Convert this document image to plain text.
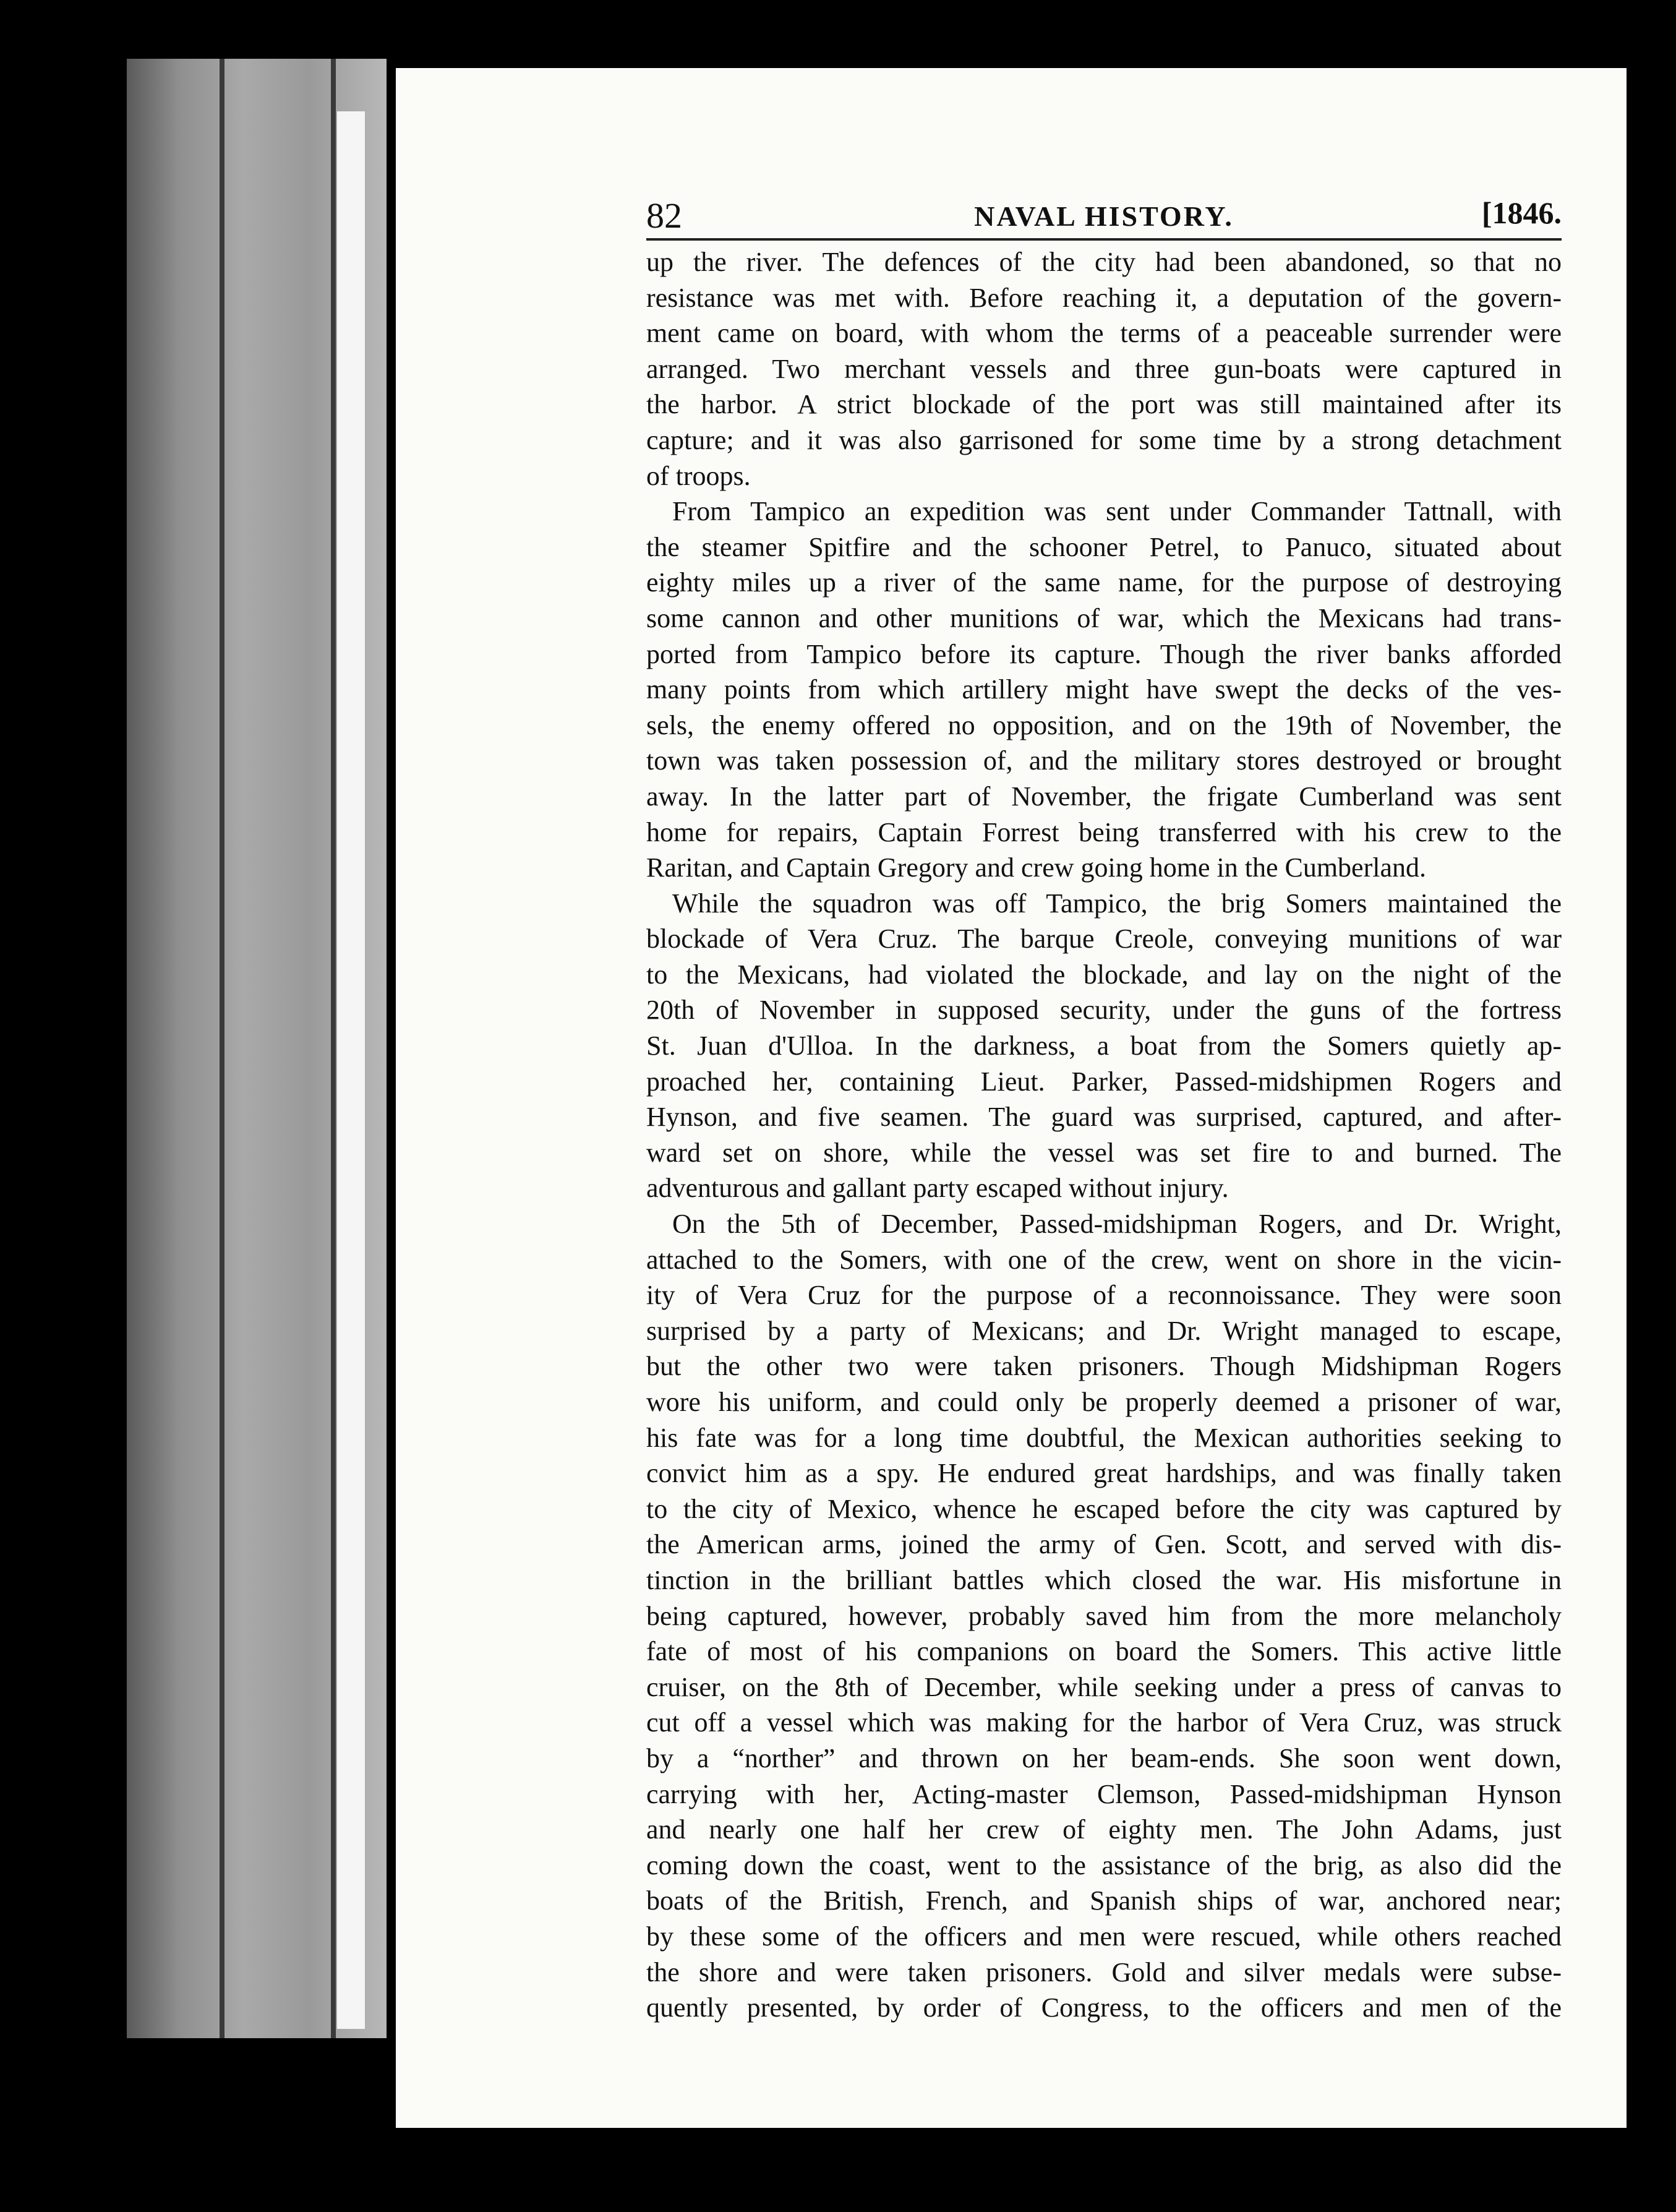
82	NAVAL HISTORY.	[1846.
up the river. The defences of the city had been abandoned, so that no
resistance was met with. Before reaching it, a deputation of the govern-
ment came on board, with whom the terms of a peaceable surrender were
arranged. Two merchant vessels and three gun-boats were captured in
the harbor. A strict blockade of the port was still maintained after its
capture; and it was also garrisoned for some time by a strong detachment
of troops.
From Tampico an expedition was sent under Commander Tattnall, with
the steamer Spitfire and the schooner Petrel, to Panuco, situated about
eighty miles up a river of the same name, for the purpose of destroying
some cannon and other munitions of war, which the Mexicans had trans-
ported from Tampico before its capture. Though the river banks afforded
many points from which artillery might have swept the decks of the ves-
sels, the enemy offered no opposition, and on the 19th of November, the
town was taken possession of, and the military stores destroyed or brought
away. In the latter part of November, the frigate Cumberland was sent
home for repairs, Captain Forrest being transferred with his crew to the
Raritan, and Captain Gregory and crew going home in the Cumberland.
While the squadron was off Tampico, the brig Somers maintained the
blockade of Vera Cruz. The barque Creole, conveying munitions of war
to the Mexicans, had violated the blockade, and lay on the night of the
20th of November in supposed security, under the guns of the fortress
St. Juan d'Ulloa. In the darkness, a boat from the Somers quietly ap-
proached her, containing Lieut. Parker, Passed-midshipmen Rogers and
Hynson, and five seamen. The guard was surprised, captured, and after-
ward set on shore, while the vessel was set fire to and burned. The
adventurous and gallant party escaped without injury.
On the 5th of December, Passed-midshipman Rogers, and Dr. Wright,
attached to the Somers, with one of the crew, went on shore in the vicin-
ity of Vera Cruz for the purpose of a reconnoissance. They were soon
surprised by a party of Mexicans; and Dr. Wright managed to escape,
but the other two were taken prisoners. Though Midshipman Rogers
wore his uniform, and could only be properly deemed a prisoner of war,
his fate was for a long time doubtful, the Mexican authorities seeking to
convict him as a spy. He endured great hardships, and was finally taken
to the city of Mexico, whence he escaped before the city was captured by
the American arms, joined the army of Gen. Scott, and served with dis-
tinction in the brilliant battles which closed the war. His misfortune in
being captured, however, probably saved him from the more melancholy
fate of most of his companions on board the Somers. This active little
cruiser, on the 8th of December, while seeking under a press of canvas to
cut off a vessel which was making for the harbor of Vera Cruz, was struck
by a “norther” and thrown on her beam-ends. She soon went down,
carrying with her, Acting-master Clemson, Passed-midshipman Hynson
and nearly one half her crew of eighty men. The John Adams, just
coming down the coast, went to the assistance of the brig, as also did the
boats of the British, French, and Spanish ships of war, anchored near;
by these some of the officers and men were rescued, while others reached
the shore and were taken prisoners. Gold and silver medals were subse-
quently presented, by order of Congress, to the officers and men of the
